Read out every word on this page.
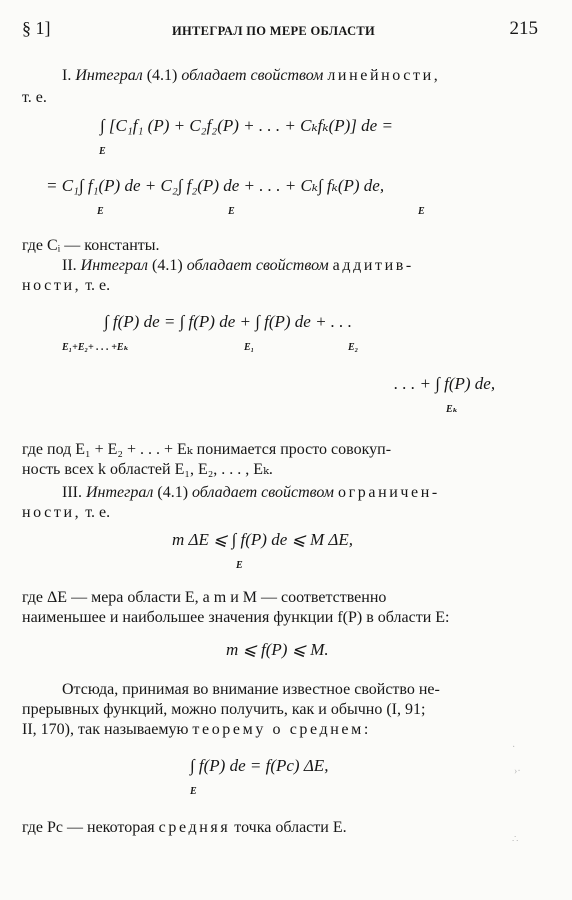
§ 1]	ИНТЕГРАЛ ПО МЕРЕ ОБЛАСТИ	215
I. Интеграл (4.1) обладает свойством линейности,
т. е.
∫ [C₁f₁ (P) + C₂f₂(P) + . . . + Cₖfₖ(P)] de =
E
= C₁∫ f₁(P) de + C₂∫ f₂(P) de + . . . + Cₖ∫ fₖ(P) de,
E	E	E
где Cᵢ — константы.
II. Интеграл (4.1) обладает свойством аддитив-
ности, т. е.
∫ f(P) de = ∫ f(P) de + ∫ f(P) de + . . .
E₁+E₂+ . . . +Eₖ	E₁	E₂
. . . + ∫ f(P) de,
Eₖ
где под E₁ + E₂ + . . . + Eₖ понимается просто совокуп-
ность всех k областей E₁, E₂, . . . , Eₖ.
III. Интеграл (4.1) обладает свойством ограничен-
ности, т. е.
m ΔE ⩽ ∫ f(P) de ⩽ M ΔE,
E
где ΔE — мера области E, а m и M — соответственно
наименьшее и наибольшее значения функции f(P) в области E:
m ⩽ f(P) ⩽ M.
Отсюда, принимая во внимание известное свойство не-
прерывных функций, можно получить, как и обычно (I, 91;
II, 170), так называемую теорему о среднем:
∫ f(P) de = f(Pc) ΔE,
E
где Pc — некоторая средняя точка области E.
·
›·
∴
